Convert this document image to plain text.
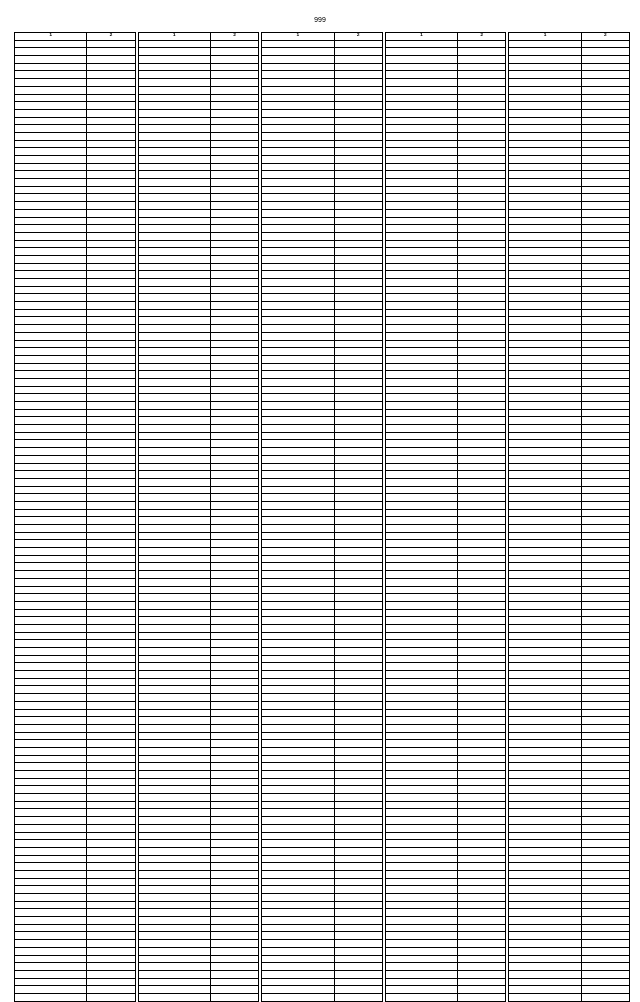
999
1	2

		1	2

		1	2

		1	2

		1	2
